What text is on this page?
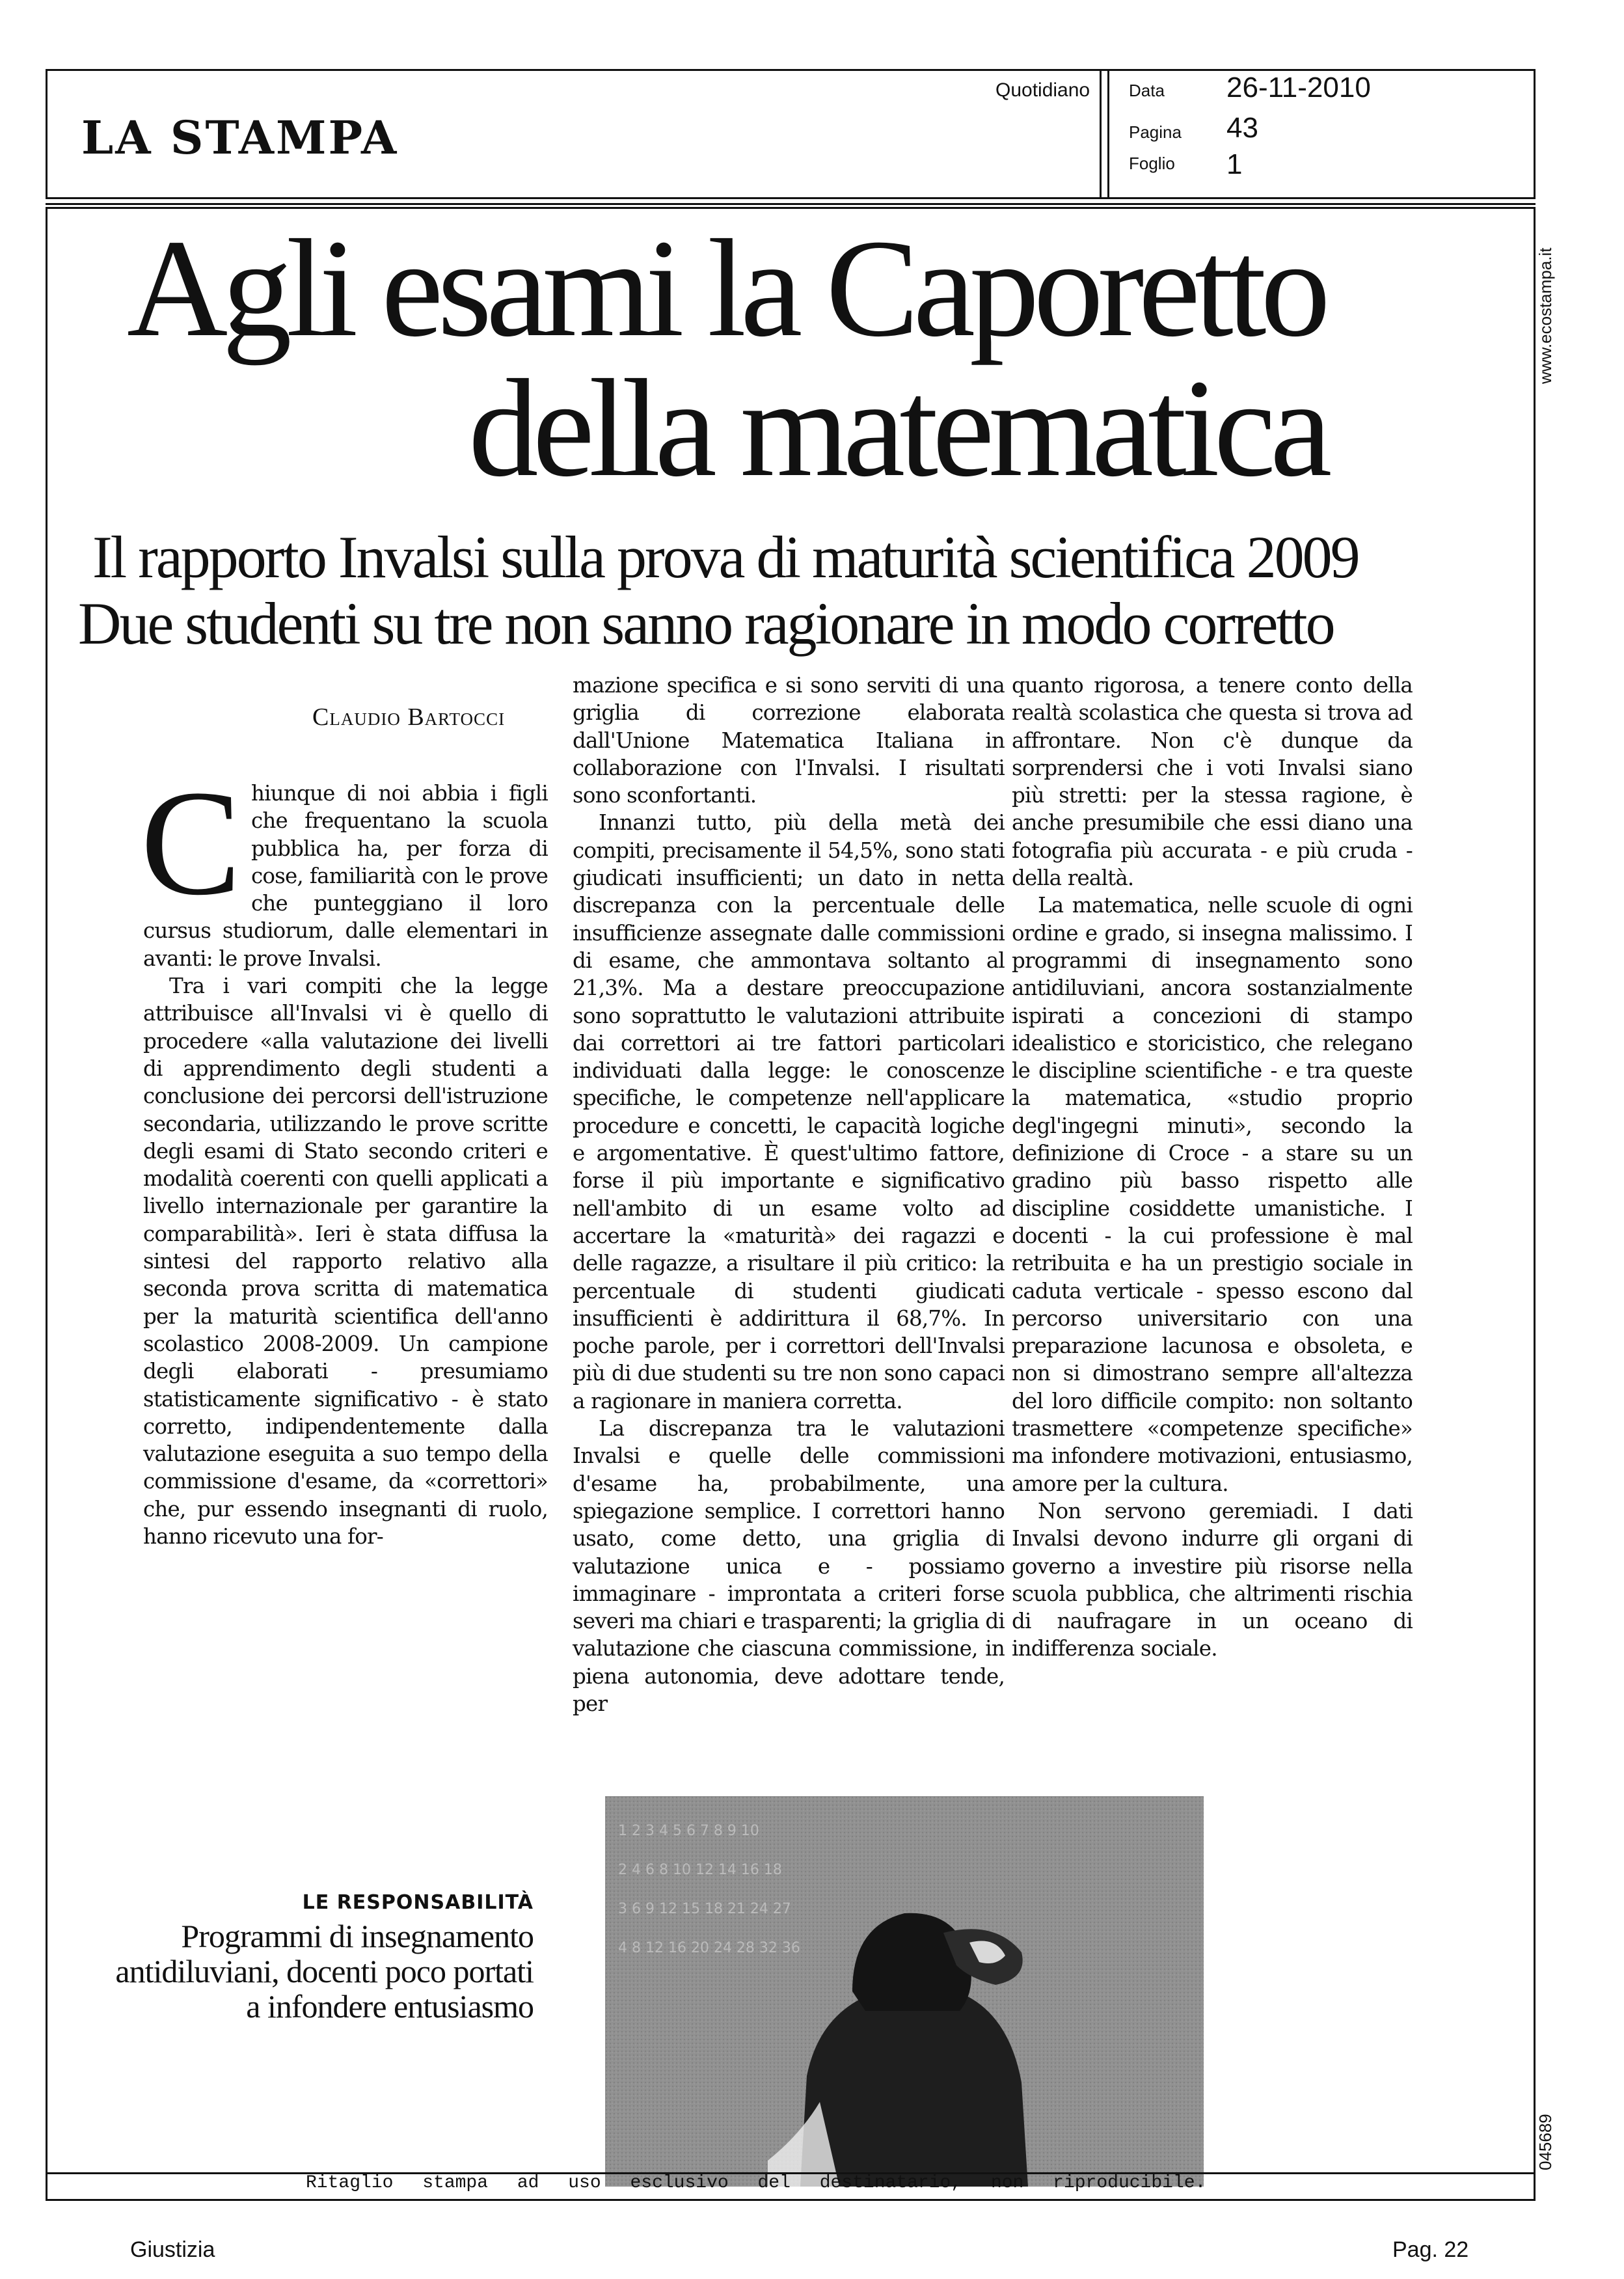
LA STAMPA
Quotidiano Data 26-11-2010
Pagina 43
Foglio 1
www.ecostampa.it
045689
Agli esami la Caporetto
della matematica
Il rapporto Invalsi sulla prova di maturità scientifica 2009
Due studenti su tre non sanno ragionare in modo corretto
Claudio Bartocci

Chiunque di noi abbia i figli che frequentano la scuola pubblica ha, per forza di cose, familiarità con le prove che punteggiano il loro cursus studiorum, dalle elementari in avanti: le prove Invalsi.

Tra i vari compiti che la legge attribuisce all'Invalsi vi è quello di procedere «alla valutazione dei livelli di apprendimento degli studenti a conclusione dei percorsi dell'istruzione secondaria, utilizzando le prove scritte degli esami di Stato secondo criteri e modalità coerenti con quelli applicati a livello internazionale per garantire la comparabilità». Ieri è stata diffusa la sintesi del rapporto relativo alla seconda prova scritta di matematica per la maturità scientifica dell'anno scolastico 2008-2009. Un campione degli elaborati - presumiamo statisticamente significativo - è stato corretto, indipendentemente dalla valutazione eseguita a suo tempo della commissione d'esame, da «correttori» che, pur essendo insegnanti di ruolo, hanno ricevuto una for-

mazione specifica e si sono serviti di una griglia di correzione elaborata dall'Unione Matematica Italiana in collaborazione con l'Invalsi. I risultati sono sconfortanti.

Innanzi tutto, più della metà dei compiti, precisamente il 54,5%, sono stati giudicati insufficienti; un dato in netta discrepanza con la percentuale delle insufficienze assegnate dalle commissioni di esame, che ammontava soltanto al 21,3%. Ma a destare preoccupazione sono soprattutto le valutazioni attribuite dai correttori ai tre fattori particolari individuati dalla legge: le conoscenze specifiche, le competenze nell'applicare procedure e concetti, le capacità logiche e argomentative. È quest'ultimo fattore, forse il più importante e significativo nell'ambito di un esame volto ad accertare la «maturità» dei ragazzi e delle ragazze, a risultare il più critico: la percentuale di studenti giudicati insufficienti è addirittura il 68,7%. In poche parole, per i correttori dell'Invalsi più di due studenti su tre non sono capaci a ragionare in maniera corretta.

La discrepanza tra le valutazioni Invalsi e quelle delle commissioni d'esame ha, probabilmente, una spiegazione semplice. I correttori hanno usato, come detto, una griglia di valutazione unica e - possiamo immaginare - improntata a criteri forse severi ma chiari e trasparenti; la griglia di valutazione che ciascuna commissione, in piena autonomia, deve adottare tende, per

quanto rigorosa, a tenere conto della realtà scolastica che questa si trova ad affrontare. Non c'è dunque da sorprendersi che i voti Invalsi siano più stretti: per la stessa ragione, è anche presumibile che essi diano una fotografia più accurata - e più cruda - della realtà.

La matematica, nelle scuole di ogni ordine e grado, si insegna malissimo. I programmi di insegnamento sono antidiluviani, ancora sostanzialmente ispirati a concezioni di stampo idealistico e storicistico, che relegano le discipline scientifiche - e tra queste la matematica, «studio proprio degl'ingegni minuti», secondo la definizione di Croce - a stare su un gradino più basso rispetto alle discipline cosiddette umanistiche. I docenti - la cui professione è mal retribuita e ha un prestigio sociale in caduta verticale - spesso escono dal percorso universitario con una preparazione lacunosa e obsoleta, e non si dimostrano sempre all'altezza del loro difficile compito: non soltanto trasmettere «competenze specifiche» ma infondere motivazioni, entusiasmo, amore per la cultura.

Non servono geremiadi. I dati Invalsi devono indurre gli organi di governo a investire più risorse nella scuola pubblica, che altrimenti rischia di naufragare in un oceano di indifferenza sociale.

1 2 3 4 5 6 7 8 9 10
2 4 6 8 10 12 14 16 18
3 6 9 12 15 18 21 24 27
4 8 12 16 20 24 28 32 36
LE RESPONSABILITÀ
Programmi di insegnamento
antidiluviani, docenti poco portati
a infondere entusiasmo
Ritaglio stampa ad uso esclusivo del destinatario, non riproducibile.
Giustizia	Pag. 22
